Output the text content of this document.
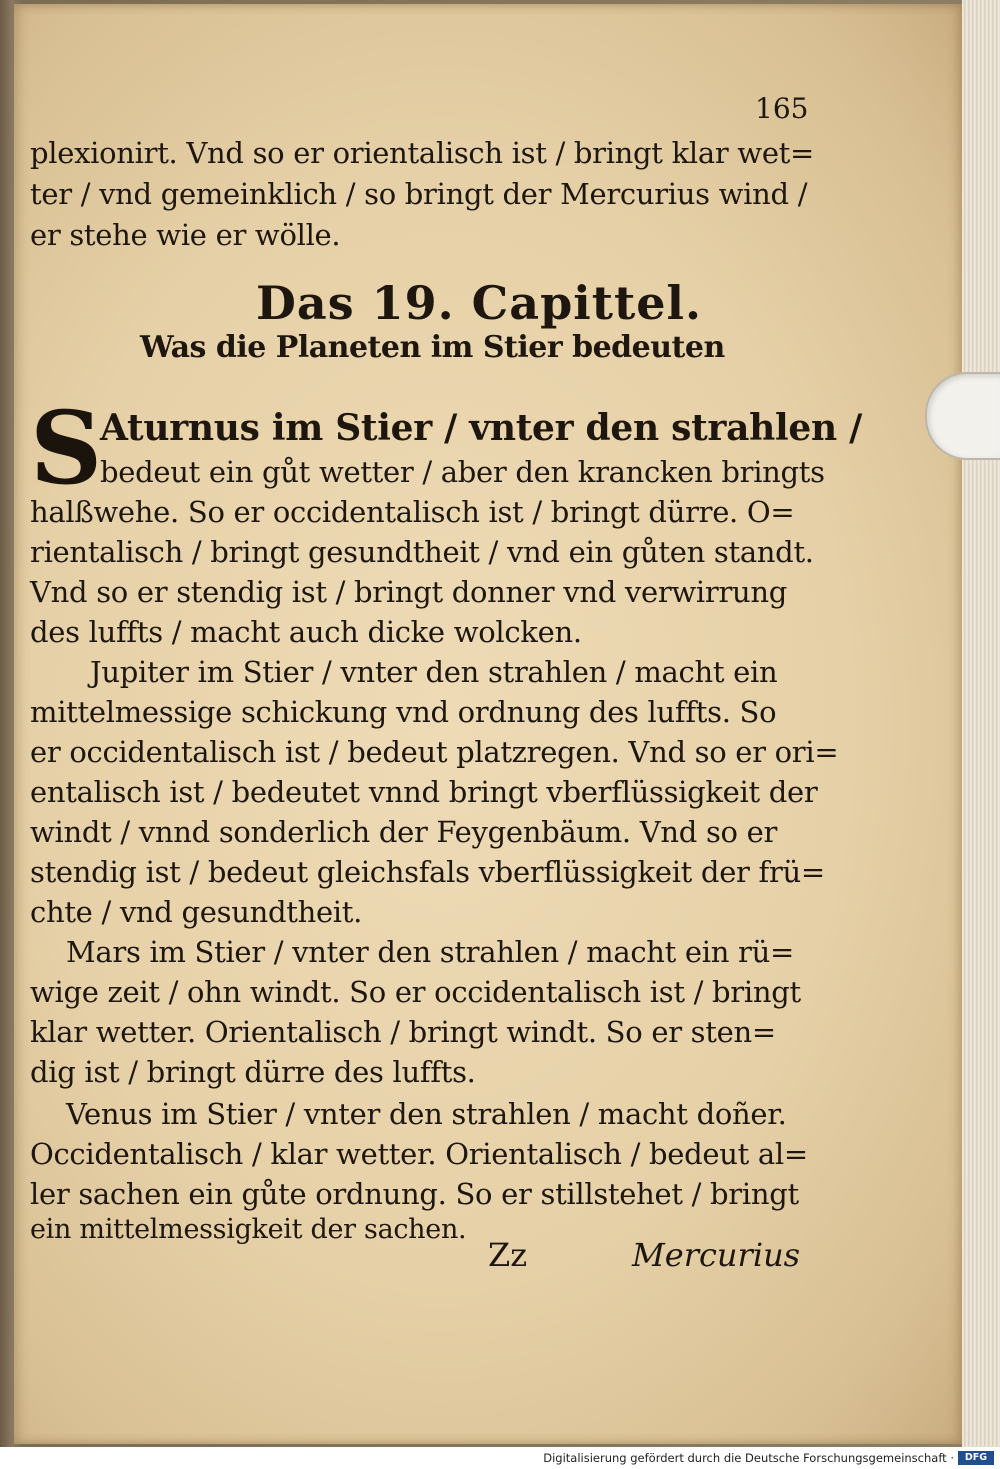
165
plexionirt. Vnd so er orientalisch ist / bringt klar wet=
ter / vnd gemeinklich / so bringt der Mercurius wind /
er stehe wie er wölle.
Das 19. Capittel.
Was die Planeten im Stier bedeuten
S
Aturnus im Stier / vnter den strahlen /
bedeut ein gůt wetter / aber den krancken bringts
halßwehe. So er occidentalisch ist / bringt dürre. O=
rientalisch / bringt gesundtheit / vnd ein gůten standt.
Vnd so er stendig ist / bringt donner vnd verwirrung
des luffts / macht auch dicke wolcken.
Jupiter im Stier / vnter den strahlen / macht ein
mittelmessige schickung vnd ordnung des luffts. So
er occidentalisch ist / bedeut platzregen. Vnd so er ori=
entalisch ist / bedeutet vnnd bringt vberflüssigkeit der
windt / vnnd sonderlich der Feygenbäum. Vnd so er
stendig ist / bedeut gleichsfals vberflüssigkeit der frü=
chte / vnd gesundtheit.
Mars im Stier / vnter den strahlen / macht ein rü=
wige zeit / ohn windt. So er occidentalisch ist / bringt
klar wetter. Orientalisch / bringt windt. So er sten=
dig ist / bringt dürre des luffts.
Venus im Stier / vnter den strahlen / macht doñer.
Occidentalisch / klar wetter. Orientalisch / bedeut al=
ler sachen ein gůte ordnung. So er stillstehet / bringt
ein mittelmessigkeit der sachen.
Zz	Mercurius
Digitalisierung gefördert durch die Deutsche Forschungsgemeinschaft ·	DFG
